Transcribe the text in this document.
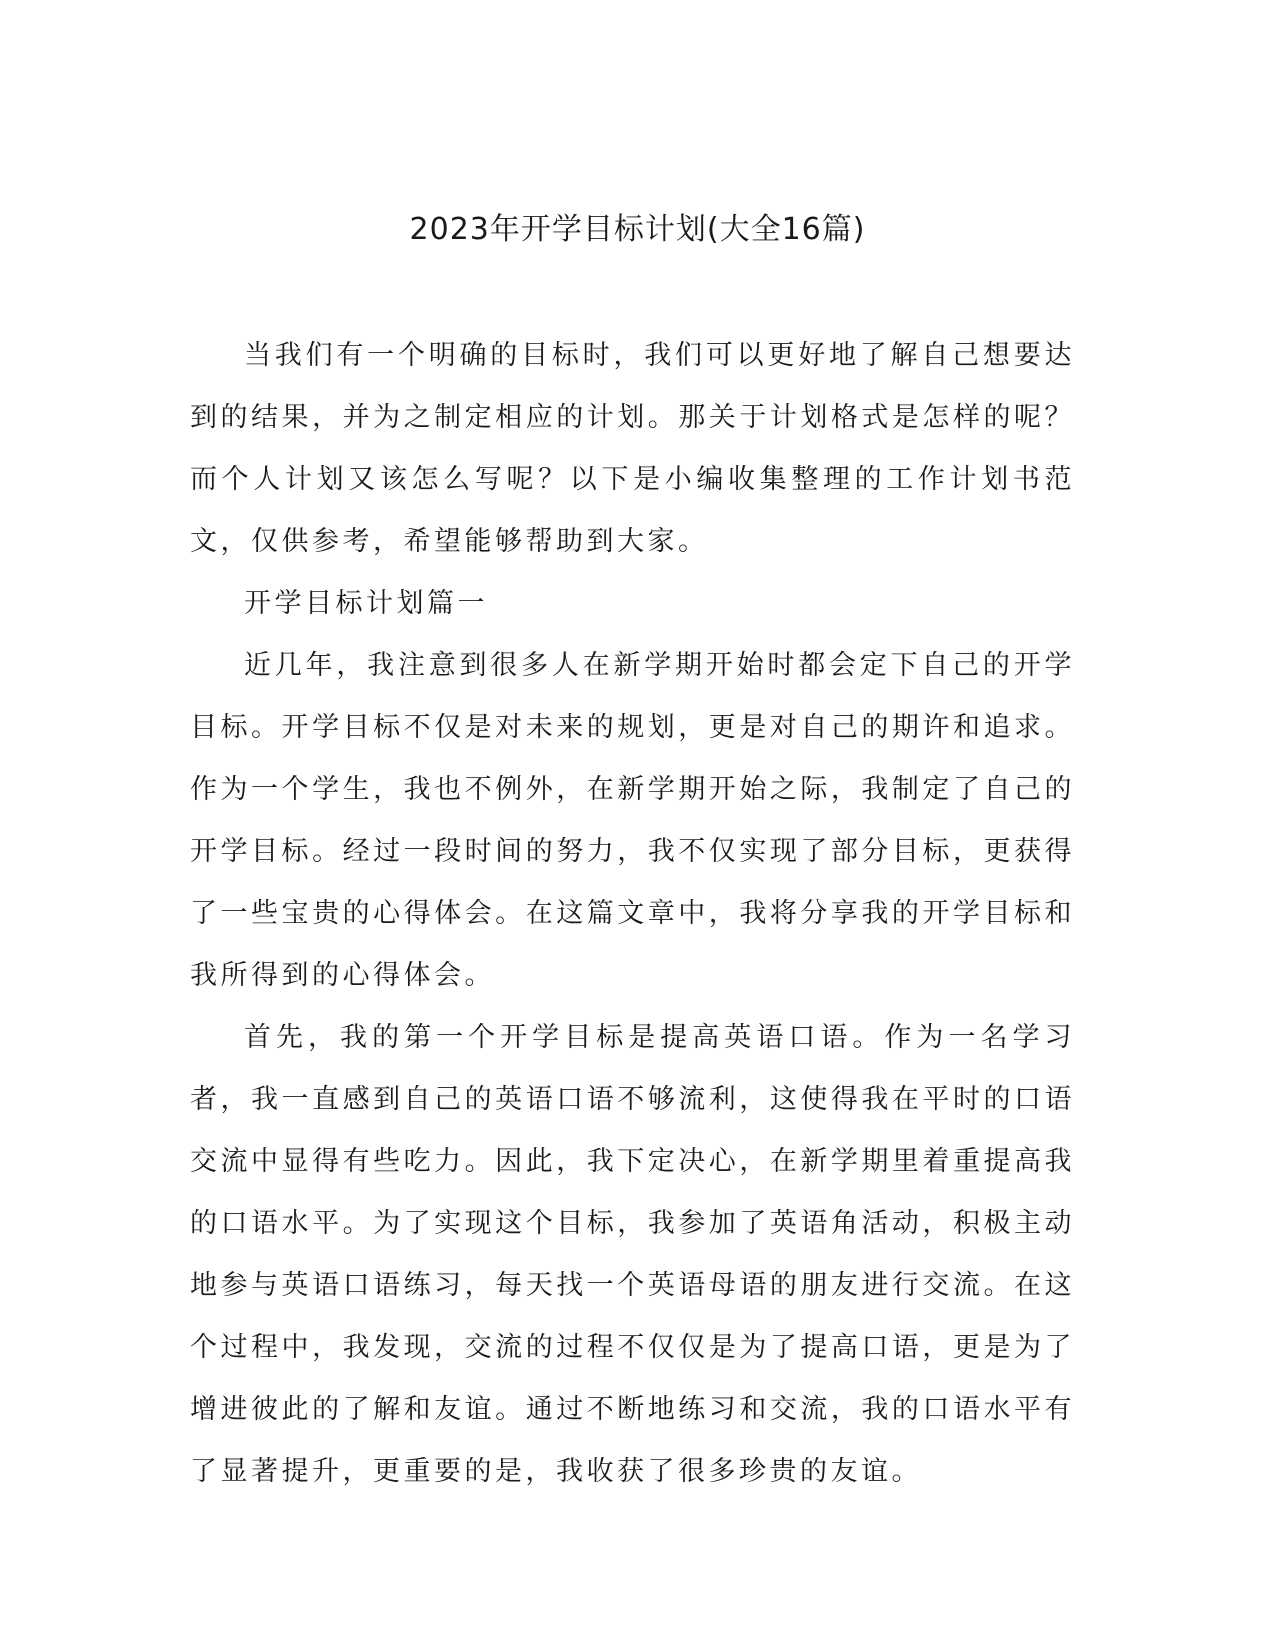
2023年开学目标计划(大全16篇)

当我们有一个明确的目标时，我们可以更好地了解自己想要达到的结果，并为之制定相应的计划。那关于计划格式是怎样的呢？而个人计划又该怎么写呢？以下是小编收集整理的工作计划书范文，仅供参考，希望能够帮助到大家。

开学目标计划篇一

近几年，我注意到很多人在新学期开始时都会定下自己的开学目标。开学目标不仅是对未来的规划，更是对自己的期许和追求。作为一个学生，我也不例外，在新学期开始之际，我制定了自己的开学目标。经过一段时间的努力，我不仅实现了部分目标，更获得了一些宝贵的心得体会。在这篇文章中，我将分享我的开学目标和我所得到的心得体会。

首先，我的第一个开学目标是提高英语口语。作为一名学习者，我一直感到自己的英语口语不够流利，这使得我在平时的口语交流中显得有些吃力。因此，我下定决心，在新学期里着重提高我的口语水平。为了实现这个目标，我参加了英语角活动，积极主动地参与英语口语练习，每天找一个英语母语的朋友进行交流。在这个过程中，我发现，交流的过程不仅仅是为了提高口语，更是为了增进彼此的了解和友谊。通过不断地练习和交流，我的口语水平有了显著提升，更重要的是，我收获了很多珍贵的友谊。
